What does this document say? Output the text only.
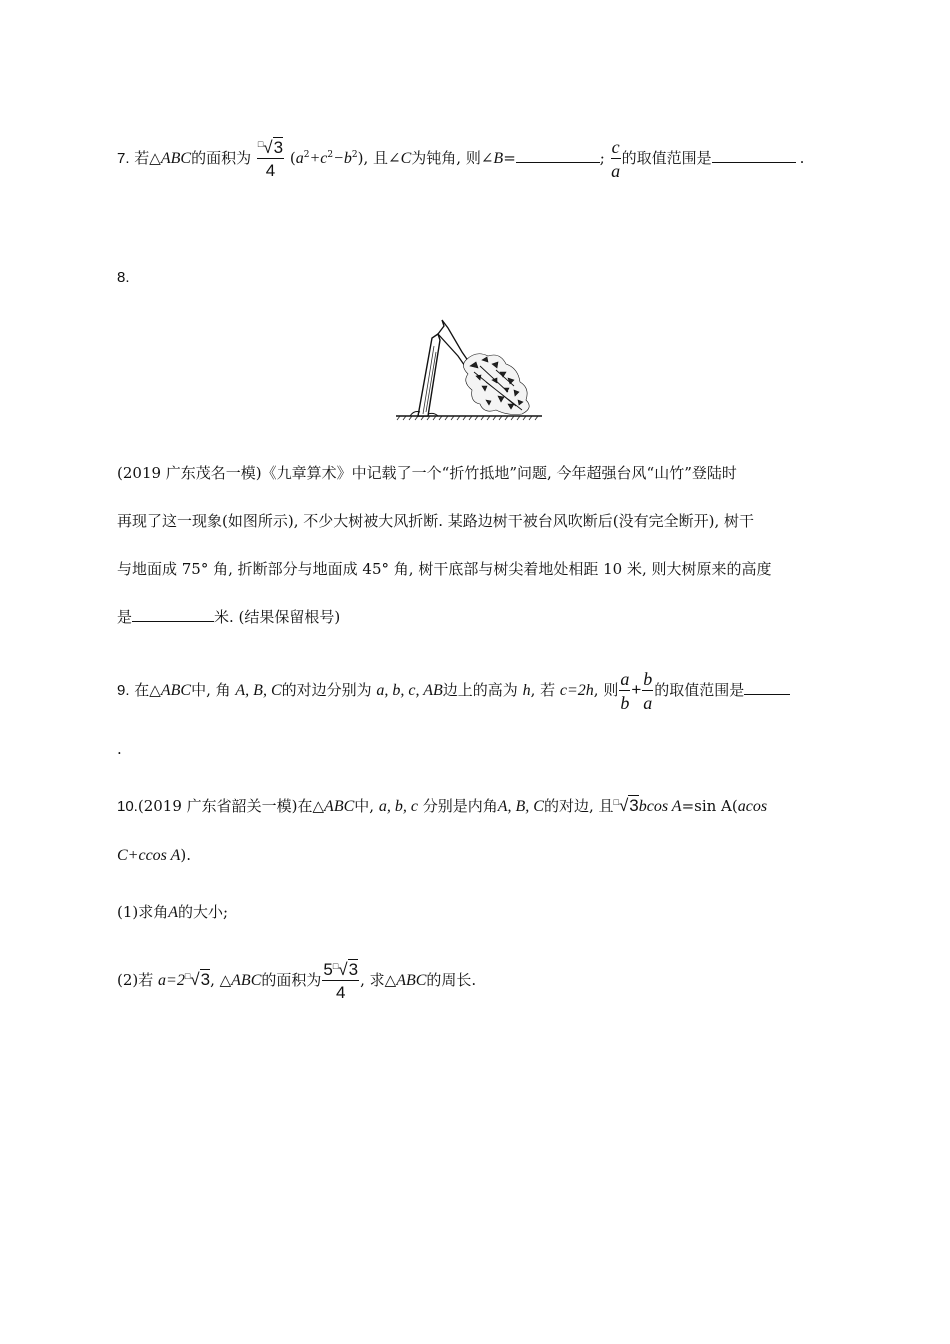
7. 若△ABC的面积为 $\frac{^□√3}{4} (a^2+c^2-b^2)$, 且∠C为钝角, 则∠B=	; $\frac{c}{a}$ 的取值范围是	.
8.
(2019 广东茂名一模)《九章算术》中记载了一个“折竹抵地”问题, 今年超强台风“山竹”登陆时
再现了这一现象(如图所示), 不少大树被大风折断. 某路边树干被台风吹断后(没有完全断开), 树干
与地面成 75° 角, 折断部分与地面成 45° 角, 树干底部与树尖着地处相距 10 米, 则大树原来的高度
是	米. (结果保留根号)
9. 在△ABC中, 角 A, B, C的对边分别为 a, b, c, AB边上的高为 h, 若 c=2h, 则 $\frac{a}{b} + \frac{b}{a}$ 的取值范围是
.
10.(2019 广东省韶关一模)在△ABC中, a, b, c 分别是内角A, B, C的对边, 且□√3bcos A=sin A(acos
C+ccos A).
(1)求角A的大小;
(2)若 a=2□√3, △ABC的面积为 $\frac{5^□√3}{4}$ , 求△ABC的周长.
